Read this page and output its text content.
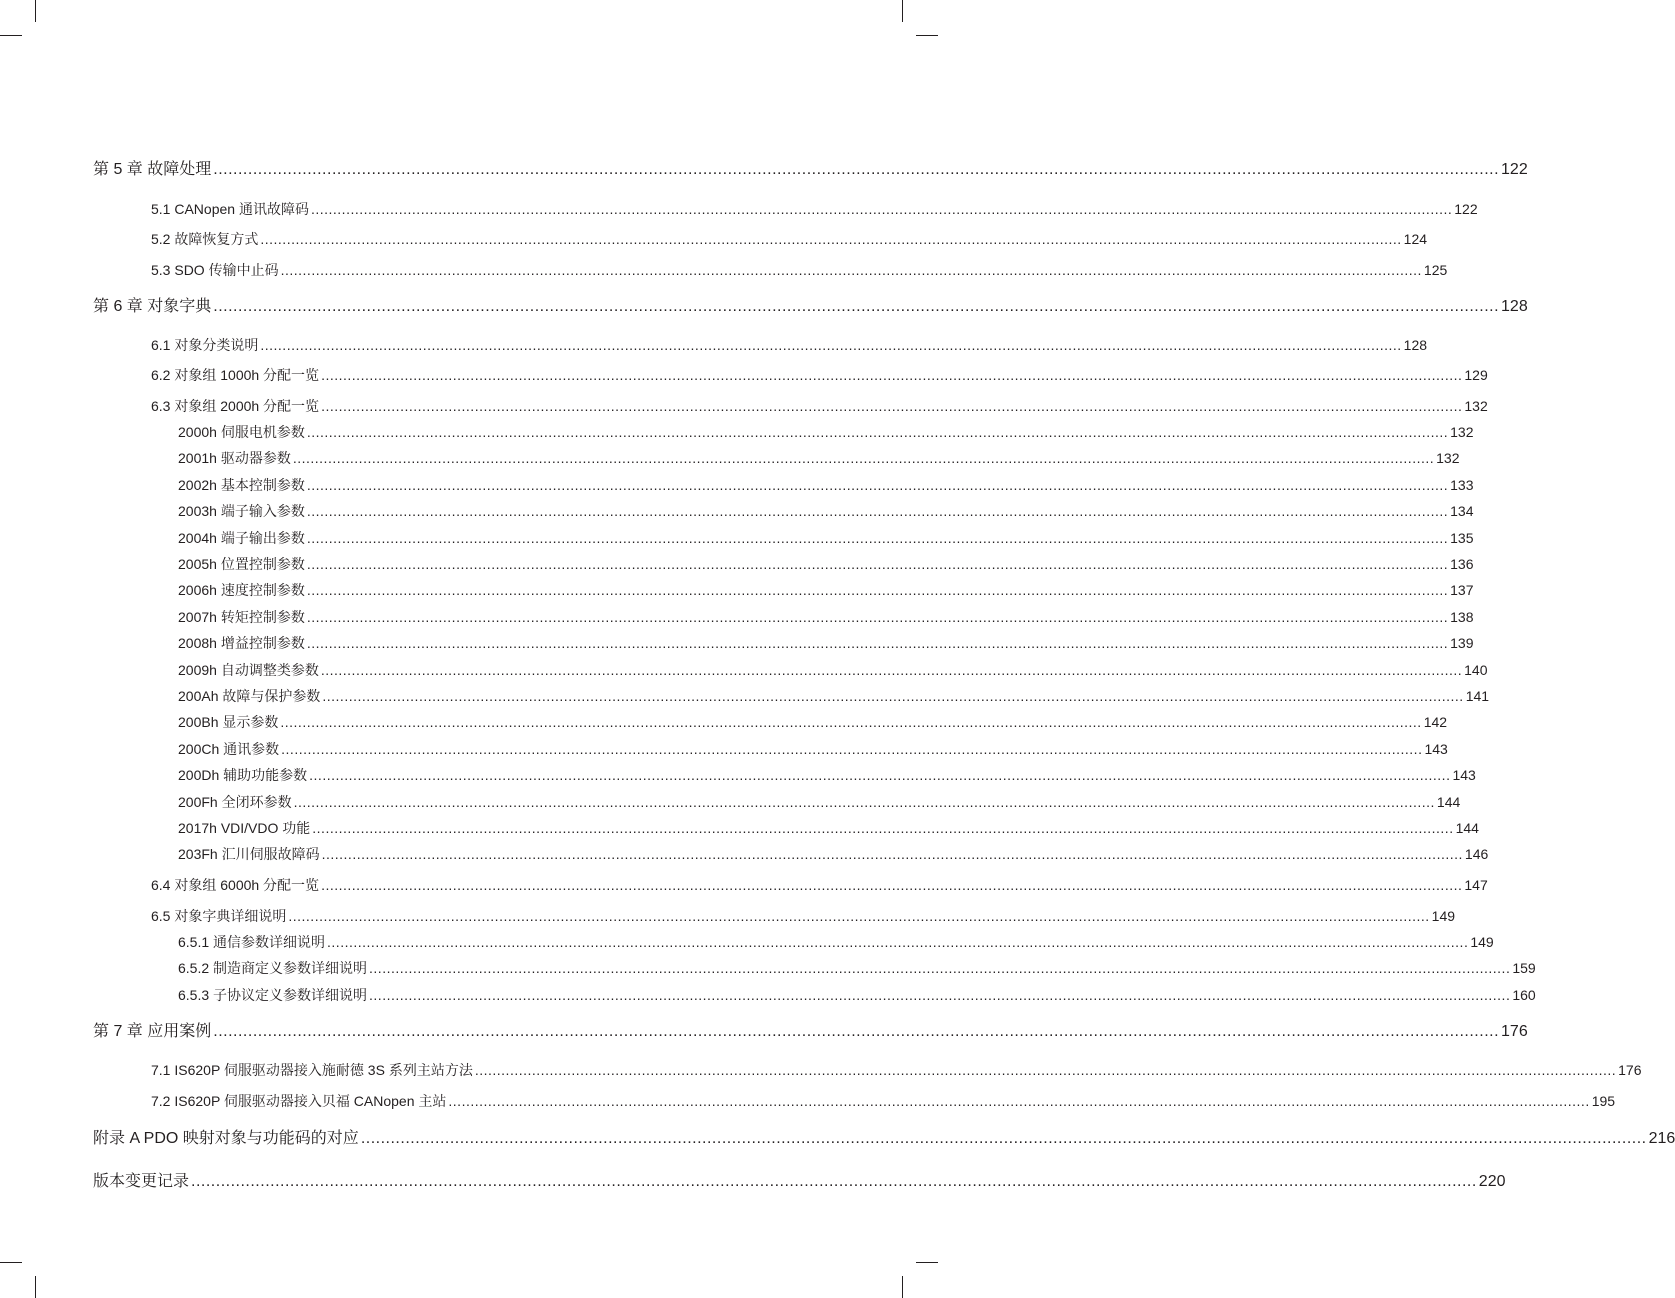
第 5 章 故障处理 .................................................................................................................................................................................................................................................................... 122
5.1 CANopen 通讯故障码 .................................................................................................................................................................................................................................................................... 122
5.2 故障恢复方式 .................................................................................................................................................................................................................................................................... 124
5.3 SDO 传输中止码 .................................................................................................................................................................................................................................................................... 125
第 6 章 对象字典 .................................................................................................................................................................................................................................................................... 128
6.1 对象分类说明 .................................................................................................................................................................................................................................................................... 128
6.2 对象组 1000h 分配一览 .................................................................................................................................................................................................................................................................... 129
6.3 对象组 2000h 分配一览 .................................................................................................................................................................................................................................................................... 132
2000h 伺服电机参数 .................................................................................................................................................................................................................................................................... 132
2001h 驱动器参数 .................................................................................................................................................................................................................................................................... 132
2002h 基本控制参数 .................................................................................................................................................................................................................................................................... 133
2003h 端子输入参数 .................................................................................................................................................................................................................................................................... 134
2004h 端子输出参数 .................................................................................................................................................................................................................................................................... 135
2005h 位置控制参数 .................................................................................................................................................................................................................................................................... 136
2006h 速度控制参数 .................................................................................................................................................................................................................................................................... 137
2007h 转矩控制参数 .................................................................................................................................................................................................................................................................... 138
2008h 增益控制参数 .................................................................................................................................................................................................................................................................... 139
2009h 自动调整类参数 .................................................................................................................................................................................................................................................................... 140
200Ah 故障与保护参数 .................................................................................................................................................................................................................................................................... 141
200Bh 显示参数 .................................................................................................................................................................................................................................................................... 142
200Ch 通讯参数 .................................................................................................................................................................................................................................................................... 143
200Dh 辅助功能参数 .................................................................................................................................................................................................................................................................... 143
200Fh 全闭环参数 .................................................................................................................................................................................................................................................................... 144
2017h VDI/VDO 功能 .................................................................................................................................................................................................................................................................... 144
203Fh 汇川伺服故障码 .................................................................................................................................................................................................................................................................... 146
6.4 对象组 6000h 分配一览 .................................................................................................................................................................................................................................................................... 147
6.5 对象字典详细说明 .................................................................................................................................................................................................................................................................... 149
6.5.1 通信参数详细说明 .................................................................................................................................................................................................................................................................... 149
6.5.2 制造商定义参数详细说明 .................................................................................................................................................................................................................................................................... 159
6.5.3 子协议定义参数详细说明 .................................................................................................................................................................................................................................................................... 160
第 7 章 应用案例 .................................................................................................................................................................................................................................................................... 176
7.1 IS620P 伺服驱动器接入施耐德 3S 系列主站方法 .................................................................................................................................................................................................................................................................... 176
7.2 IS620P 伺服驱动器接入贝福 CANopen 主站 .................................................................................................................................................................................................................................................................... 195
附录 A PDO 映射对象与功能码的对应 .................................................................................................................................................................................................................................................................... 216
版本变更记录 .................................................................................................................................................................................................................................................................... 220
